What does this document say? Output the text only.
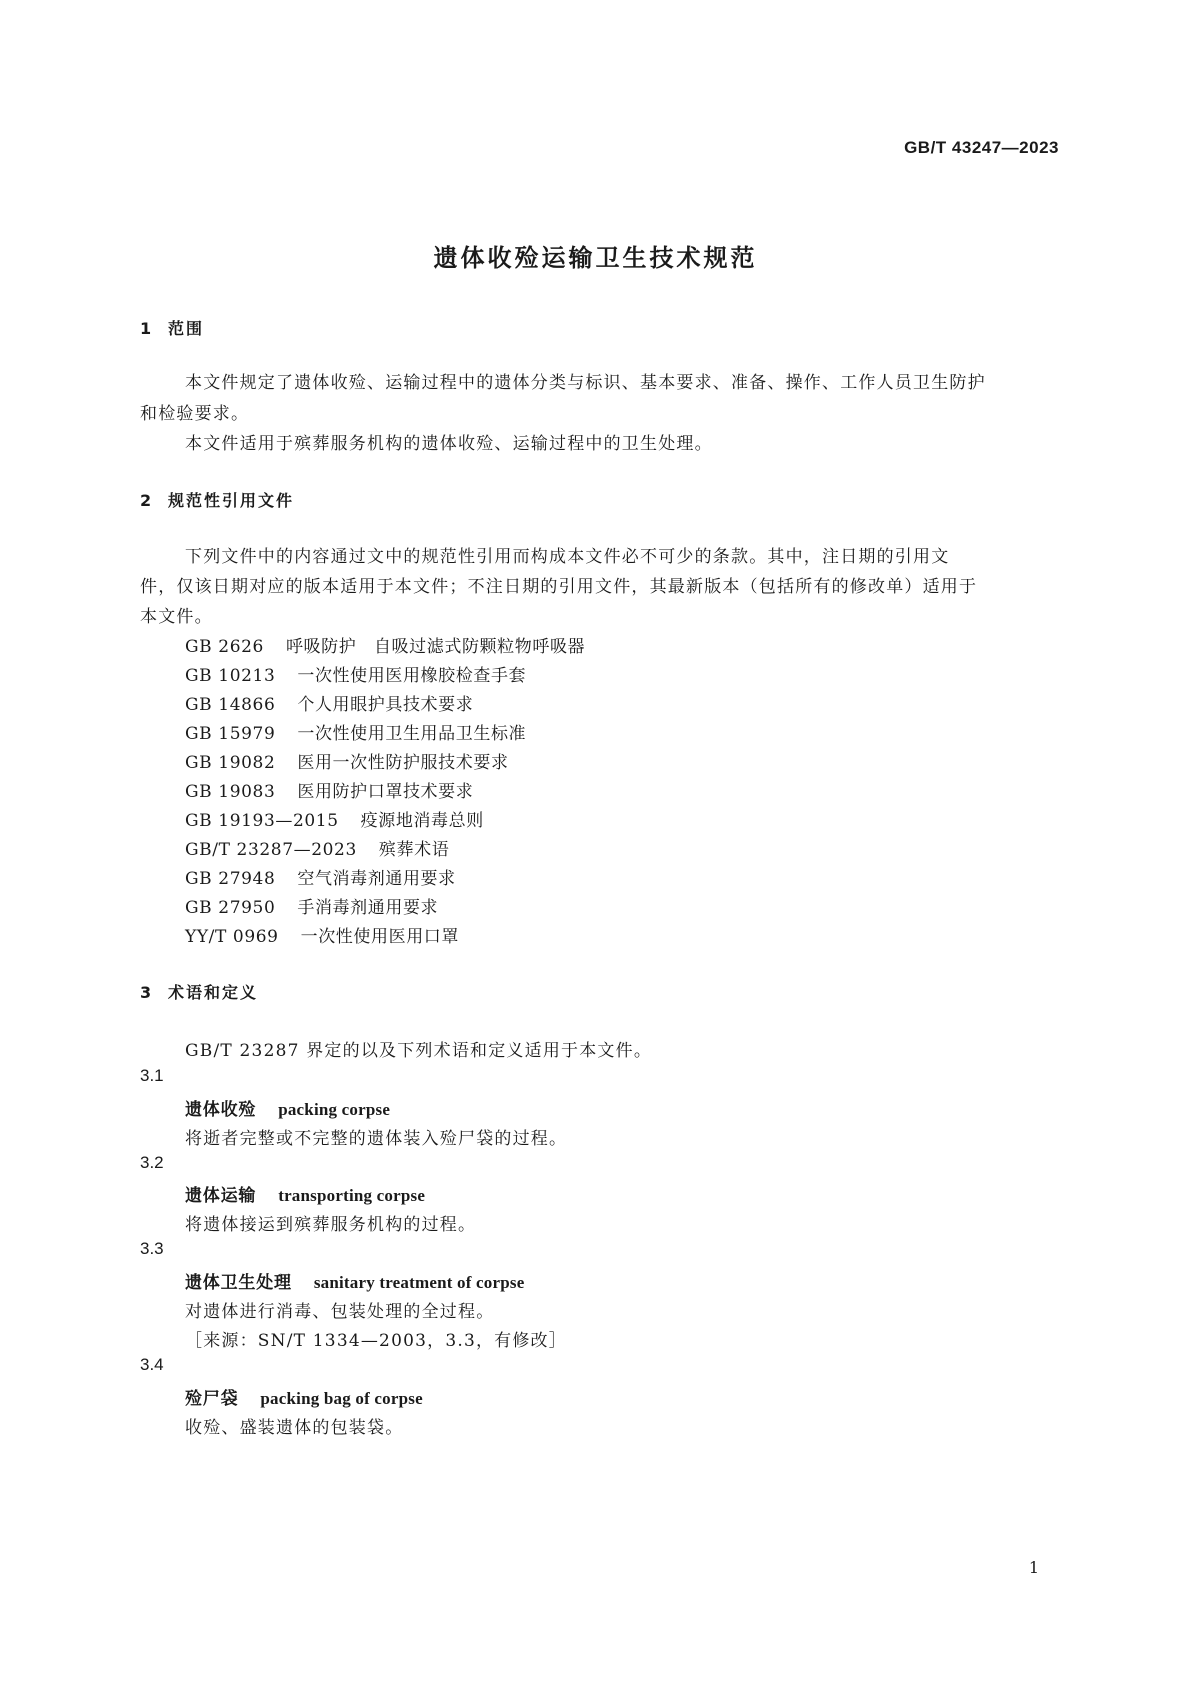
GB/T 43247—2023
遗体收殓运输卫生技术规范
1 范围
本文件规定了遗体收殓、运输过程中的遗体分类与标识、基本要求、准备、操作、工作人员卫生防护
和检验要求。
本文件适用于殡葬服务机构的遗体收殓、运输过程中的卫生处理。
2 规范性引用文件
下列文件中的内容通过文中的规范性引用而构成本文件必不可少的条款。其中，注日期的引用文
件，仅该日期对应的版本适用于本文件；不注日期的引用文件，其最新版本（包括所有的修改单）适用于
本文件。
GB 2626 呼吸防护　自吸过滤式防颗粒物呼吸器
GB 10213 一次性使用医用橡胶检查手套
GB 14866 个人用眼护具技术要求
GB 15979 一次性使用卫生用品卫生标准
GB 19082 医用一次性防护服技术要求
GB 19083 医用防护口罩技术要求
GB 19193—2015 疫源地消毒总则
GB/T 23287—2023 殡葬术语
GB 27948 空气消毒剂通用要求
GB 27950 手消毒剂通用要求
YY/T 0969 一次性使用医用口罩
3 术语和定义
GB/T 23287 界定的以及下列术语和定义适用于本文件。
3.1
遗体收殓 packing corpse
将逝者完整或不完整的遗体装入殓尸袋的过程。
3.2
遗体运输 transporting corpse
将遗体接运到殡葬服务机构的过程。
3.3
遗体卫生处理 sanitary treatment of corpse
对遗体进行消毒、包装处理的全过程。
［来源：SN/T 1334—2003，3.3，有修改］
3.4
殓尸袋 packing bag of corpse
收殓、盛装遗体的包装袋。
1
